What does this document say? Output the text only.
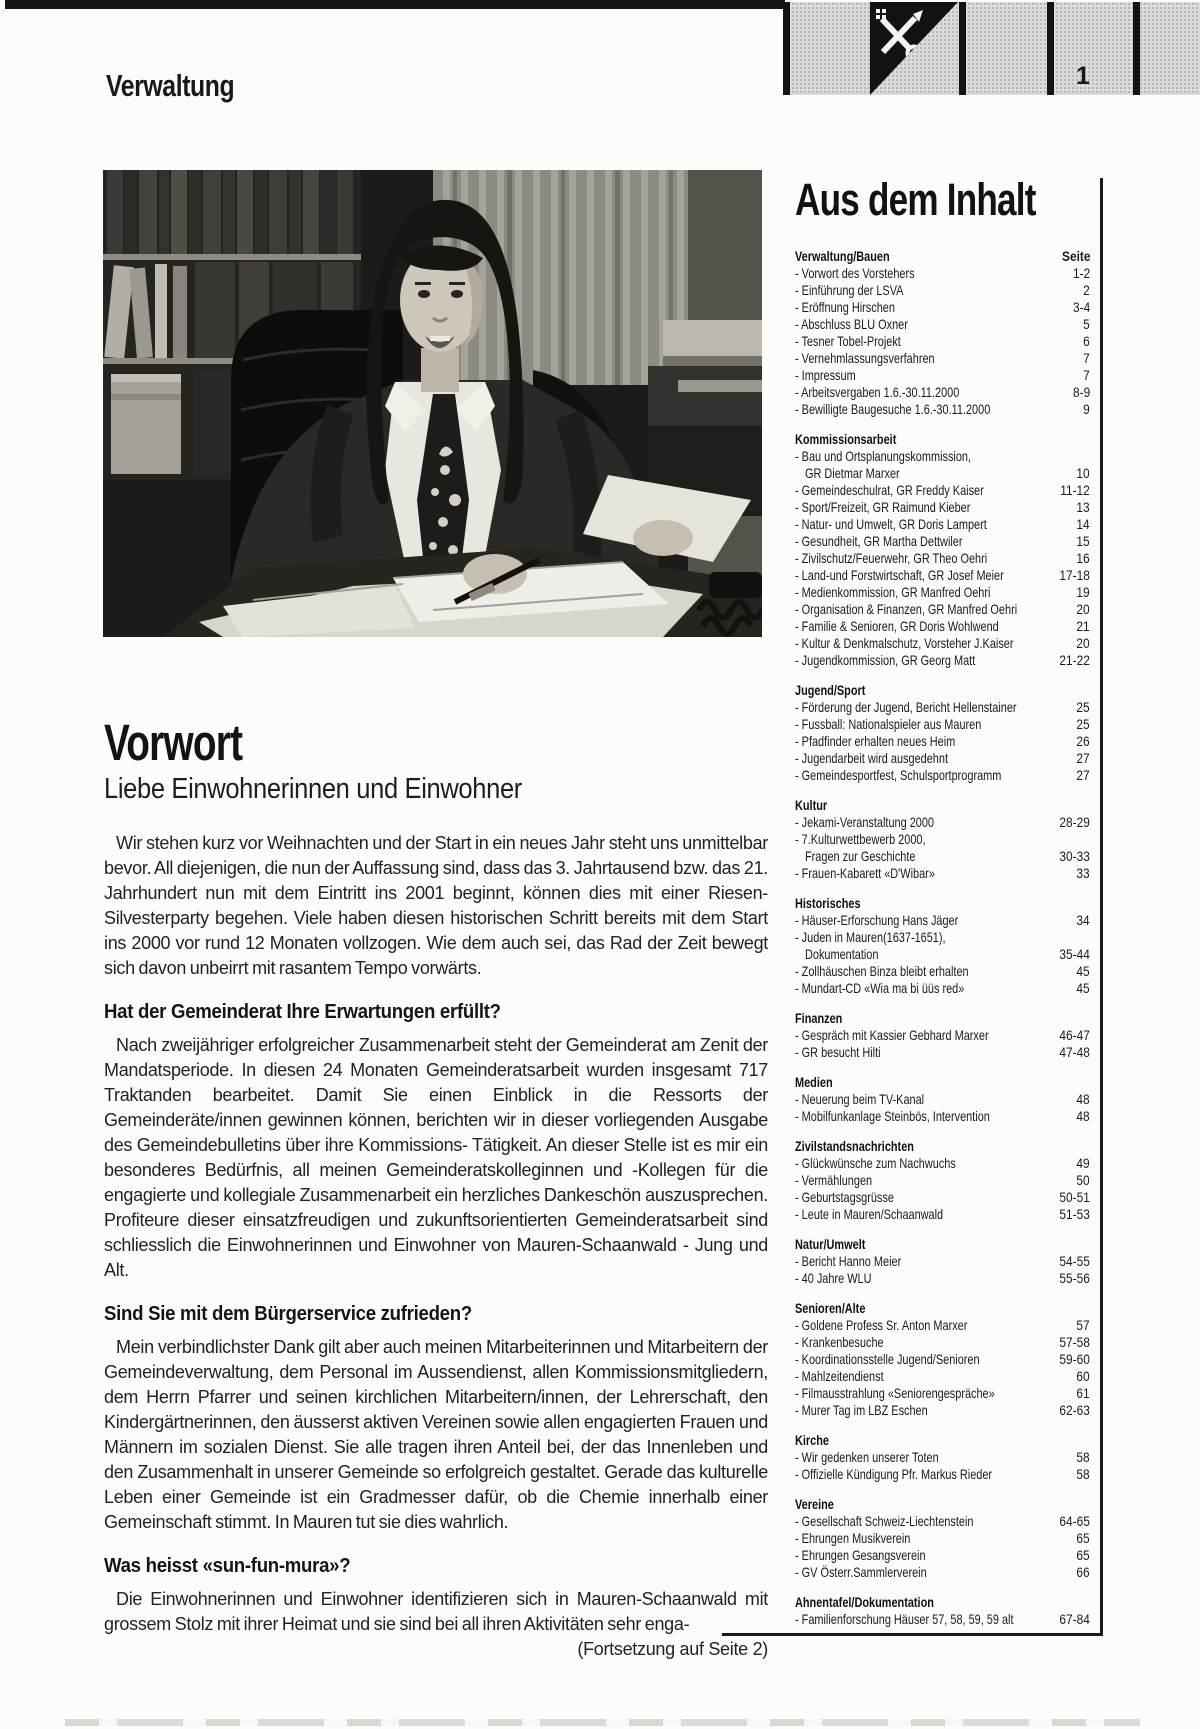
1
Verwaltung
Vorwort
Liebe Einwohnerinnen und Einwohner

Wir stehen kurz vor Weihnachten und der Start in ein neues Jahr steht uns unmittelbar bevor. All diejenigen, die nun der Auffassung sind, dass das 3. Jahrtausend bzw. das 21. Jahrhundert nun mit dem Eintritt ins 2001 beginnt, können dies mit einer Riesen-Silvesterparty begehen. Viele haben diesen historischen Schritt bereits mit dem Start ins 2000 vor rund 12 Monaten vollzogen. Wie dem auch sei, das Rad der Zeit bewegt sich davon unbeirrt mit rasantem Tempo vorwärts.

Hat der Gemeinderat Ihre Erwartungen erfüllt?

Nach zweijähriger erfolgreicher Zusammenarbeit steht der Gemeinderat am Zenit der Mandatsperiode. In diesen 24 Monaten Gemeinderatsarbeit wurden insgesamt 717 Traktanden bearbeitet. Damit Sie einen Einblick in die Ressorts der Gemeinderäte/innen gewinnen können, berichten wir in dieser vorliegenden Ausgabe des Gemeindebulletins über ihre Kommissions- Tätigkeit. An dieser Stelle ist es mir ein besonderes Bedürfnis, all meinen Gemeinderatskolleginnen und -Kollegen für die engagierte und kollegiale Zusammenarbeit ein herzliches Dankeschön auszusprechen. Profiteure dieser einsatzfreudigen und zukunftsorientierten Gemeinderatsarbeit sind schliesslich die Einwohnerinnen und Einwohner von Mauren-Schaanwald - Jung und Alt.

Sind Sie mit dem Bürgerservice zufrieden?

Mein verbindlichster Dank gilt aber auch meinen Mitarbeiterinnen und Mitarbeitern der Gemeindeverwaltung, dem Personal im Aussendienst, allen Kommissionsmitgliedern, dem Herrn Pfarrer und seinen kirchlichen Mitarbeitern/innen, der Lehrerschaft, den Kindergärtnerinnen, den äusserst aktiven Vereinen sowie allen engagierten Frauen und Männern im sozialen Dienst. Sie alle tragen ihren Anteil bei, der das Innenleben und den Zusammenhalt in unserer Gemeinde so erfolgreich gestaltet. Gerade das kulturelle Leben einer Gemeinde ist ein Gradmesser dafür, ob die Chemie innerhalb einer Gemeinschaft stimmt. In Mauren tut sie dies wahrlich.

Was heisst «sun-fun-mura»?

Die Einwohnerinnen und Einwohner identifizieren sich in Mauren-Schaanwald mit grossem Stolz mit ihrer Heimat und sie sind bei all ihren Aktivitäten sehr enga-

(Fortsetzung auf Seite 2)

Aus dem Inhalt
Verwaltung/Bauen	Seite
- Vorwort des Vorstehers	1-2
- Einführung der LSVA	2
- Eröffnung Hirschen	3-4
- Abschluss BLU Oxner	5
- Tesner Tobel-Projekt	6
- Vernehmlassungsverfahren	7
- Impressum	7
- Arbeitsvergaben 1.6.-30.11.2000	8-9
- Bewilligte Baugesuche 1.6.-30.11.2000	9
Kommissionsarbeit
- Bau und Ortsplanungskommission,
GR Dietmar Marxer	10
- Gemeindeschulrat, GR Freddy Kaiser	11-12
- Sport/Freizeit, GR Raimund Kieber	13
- Natur- und Umwelt, GR Doris Lampert	14
- Gesundheit, GR Martha Dettwiler	15
- Zivilschutz/Feuerwehr, GR Theo Oehri	16
- Land-und Forstwirtschaft, GR Josef Meier	17-18
- Medienkommission, GR Manfred Oehri	19
- Organisation & Finanzen, GR Manfred Oehri	20
- Familie & Senioren, GR Doris Wohlwend	21
- Kultur & Denkmalschutz, Vorsteher J.Kaiser	20
- Jugendkommission, GR Georg Matt	21-22
Jugend/Sport
- Förderung der Jugend, Bericht Hellenstainer	25
- Fussball: Nationalspieler aus Mauren	25
- Pfadfinder erhalten neues Heim	26
- Jugendarbeit wird ausgedehnt	27
- Gemeindesportfest, Schulsportprogramm	27
Kultur
- Jekami-Veranstaltung 2000	28-29
- 7.Kulturwettbewerb 2000,
Fragen zur Geschichte	30-33
- Frauen-Kabarett «D'Wibar»	33
Historisches
- Häuser-Erforschung Hans Jäger	34
- Juden in Mauren(1637-1651),
Dokumentation	35-44
- Zollhäuschen Binza bleibt erhalten	45
- Mundart-CD «Wia ma bi üüs red»	45
Finanzen
- Gespräch mit Kassier Gebhard Marxer	46-47
- GR besucht Hilti	47-48
Medien
- Neuerung beim TV-Kanal	48
- Mobilfunkanlage Steinbös, Intervention	48
Zivilstandsnachrichten
- Glückwünsche zum Nachwuchs	49
- Vermählungen	50
- Geburtstagsgrüsse	50-51
- Leute in Mauren/Schaanwald	51-53
Natur/Umwelt
- Bericht Hanno Meier	54-55
- 40 Jahre WLU	55-56
Senioren/Alte
- Goldene Profess Sr. Anton Marxer	57
- Krankenbesuche	57-58
- Koordinationsstelle Jugend/Senioren	59-60
- Mahlzeitendienst	60
- Filmausstrahlung «Seniorengespräche»	61
- Murer Tag im LBZ Eschen	62-63
Kirche
- Wir gedenken unserer Toten	58
- Offizielle Kündigung Pfr. Markus Rieder	58
Vereine
- Gesellschaft Schweiz-Liechtenstein	64-65
- Ehrungen Musikverein	65
- Ehrungen Gesangsverein	65
- GV Österr.Sammlerverein	66
Ahnentafel/Dokumentation
- Familienforschung Häuser 57, 58, 59, 59 alt	67-84
